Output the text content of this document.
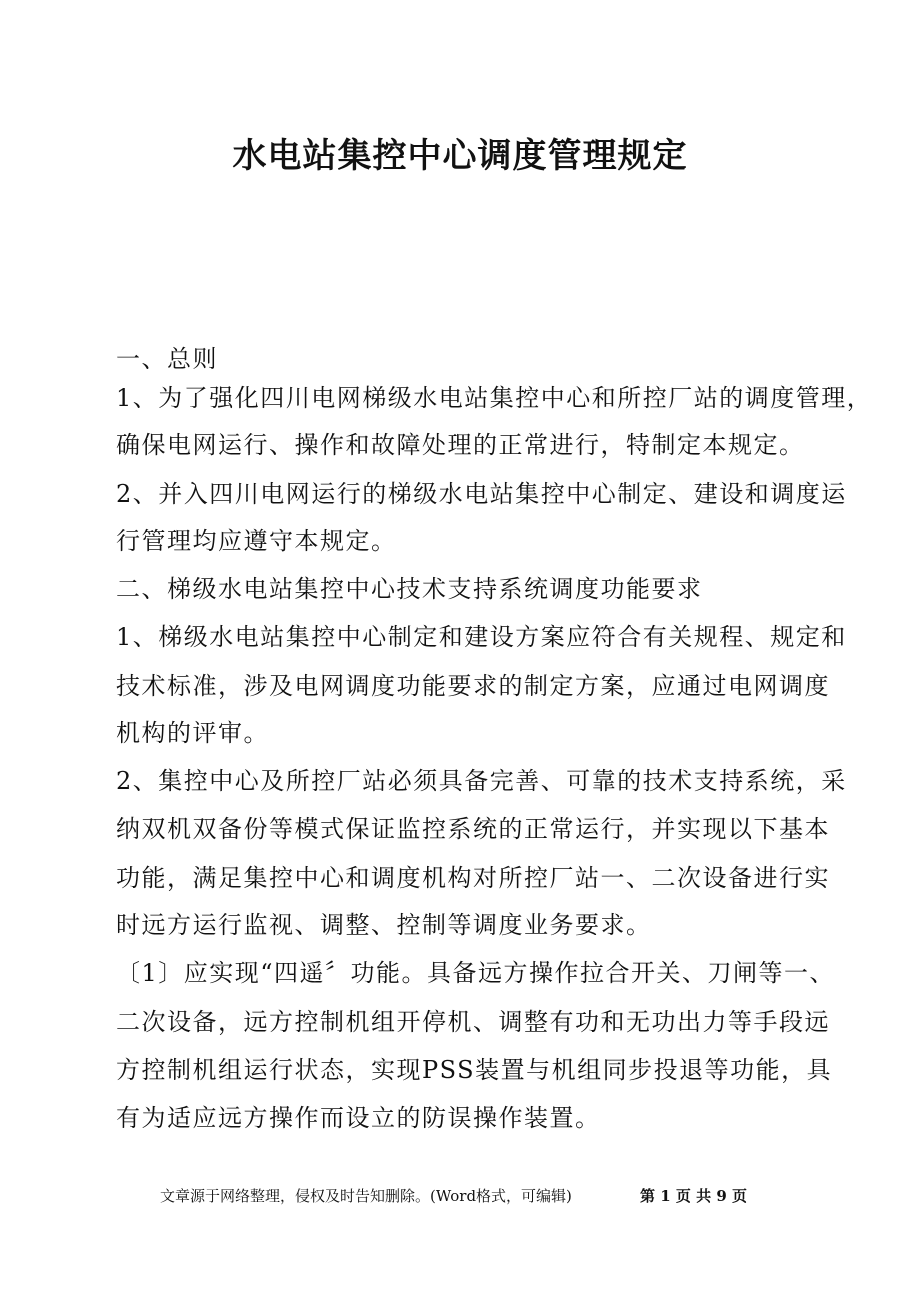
水电站集控中心调度管理规定
一、总则
1、为了强化四川电网梯级水电站集控中心和所控厂站的调度管理，
确保电网运行、操作和故障处理的正常进行，特制定本规定。
2、并入四川电网运行的梯级水电站集控中心制定、建设和调度运
行管理均应遵守本规定。
二、梯级水电站集控中心技术支持系统调度功能要求
1、梯级水电站集控中心制定和建设方案应符合有关规程、规定和
技术标准，涉及电网调度功能要求的制定方案，应通过电网调度
机构的评审。
2、集控中心及所控厂站必须具备完善、可靠的技术支持系统，采
纳双机双备份等模式保证监控系统的正常运行，并实现以下基本
功能，满足集控中心和调度机构对所控厂站一、二次设备进行实
时远方运行监视、调整、控制等调度业务要求。
〔1〕应实现“四遥〞功能。具备远方操作拉合开关、刀闸等一、
二次设备，远方控制机组开停机、调整有功和无功出力等手段远
方控制机组运行状态，实现PSS装置与机组同步投退等功能，具
有为适应远方操作而设立的防误操作装置。
文章源于网络整理，侵权及时告知删除。(Word格式，可编辑)	第 1 页 共 9 页
